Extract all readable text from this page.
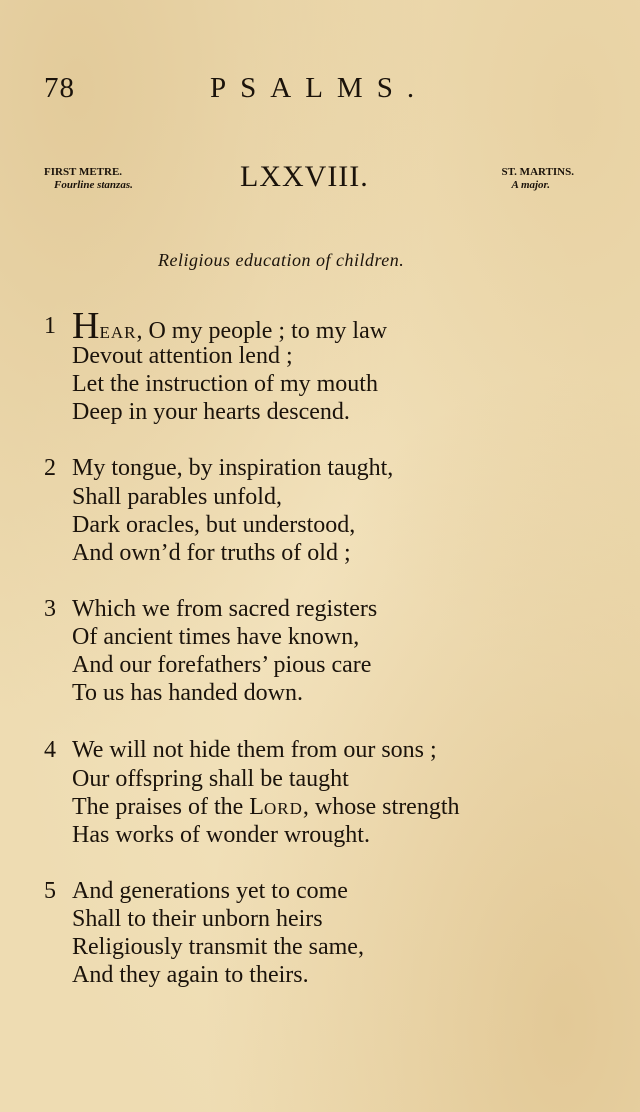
78	PSALMS.
FIRST METRE.
Fourline stanzas.	LXXVIII.	ST. MARTINS.
A major.
Religious education of children.
1 HEAR, O my people ; to my law
Devout attention lend ;
Let the instruction of my mouth
Deep in your hearts descend.
2 My tongue, by inspiration taught,
Shall parables unfold,
Dark oracles, but understood,
And own’d for truths of old ;
3 Which we from sacred registers
Of ancient times have known,
And our forefathers’ pious care
To us has handed down.
4 We will not hide them from our sons ;
Our offspring shall be taught
The praises of the LORD, whose strength
Has works of wonder wrought.
5 And generations yet to come
Shall to their unborn heirs
Religiously transmit the same,
And they again to theirs.
